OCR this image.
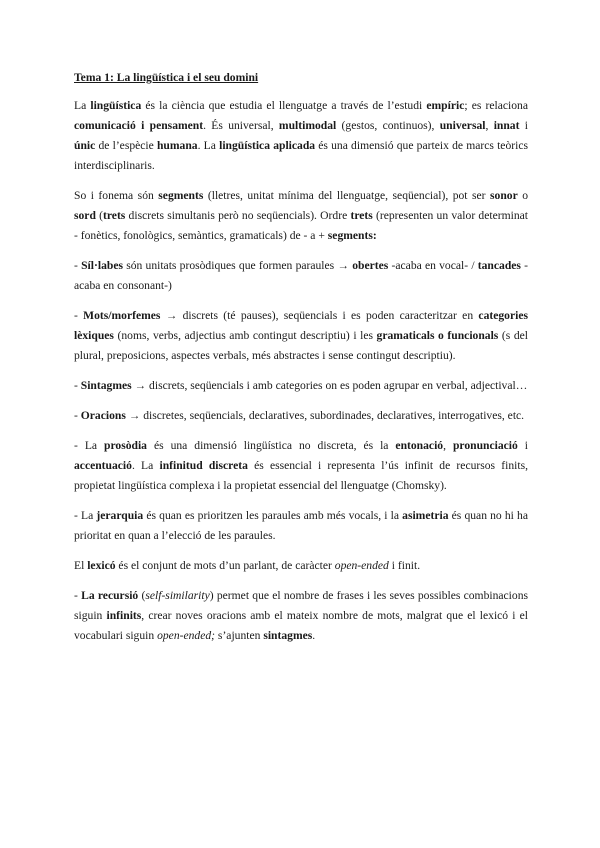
Tema 1: La lingüística i el seu domini

La lingüística és la ciència que estudia el llenguatge a través de l’estudi empíric; es relaciona comunicació i pensament. És universal, multimodal (gestos, continuos), universal, innat i únic de l’espècie humana. La lingüística aplicada és una dimensió que parteix de marcs teòrics interdisciplinaris.

So i fonema són segments (lletres, unitat mínima del llenguatge, seqüencial), pot ser sonor o sord (trets discrets simultanis però no seqüencials). Ordre trets (representen un valor determinat - fonètics, fonològics, semàntics, gramaticals) de - a + segments:

- Síl·labes són unitats prosòdiques que formen paraules → obertes -acaba en vocal- / tancades -acaba en consonant-)

- Mots/morfemes → discrets (té pauses), seqüencials i es poden caracteritzar en categories lèxiques (noms, verbs, adjectius amb contingut descriptiu) i les gramaticals o funcionals (s del plural, preposicions, aspectes verbals, més abstractes i sense contingut descriptiu).

- Sintagmes → discrets, seqüencials i amb categories on es poden agrupar en verbal, adjectival…

- Oracions → discretes, seqüencials, declaratives, subordinades, declaratives, interrogatives, etc.

- La prosòdia és una dimensió lingüística no discreta, és la entonació, pronunciació i accentuació. La infinitud discreta és essencial i representa l’ús infinit de recursos finits, propietat lingüística complexa i la propietat essencial del llenguatge (Chomsky).

- La jerarquia és quan es prioritzen les paraules amb més vocals, i la asimetria és quan no hi ha prioritat en quan a l’elecció de les paraules.

El lexicó és el conjunt de mots d’un parlant, de caràcter open-ended i finit.

- La recursió (self-similarity) permet que el nombre de frases i les seves possibles combinacions siguin infinits, crear noves oracions amb el mateix nombre de mots, malgrat que el lexicó i el vocabulari siguin open-ended; s’ajunten sintagmes.
